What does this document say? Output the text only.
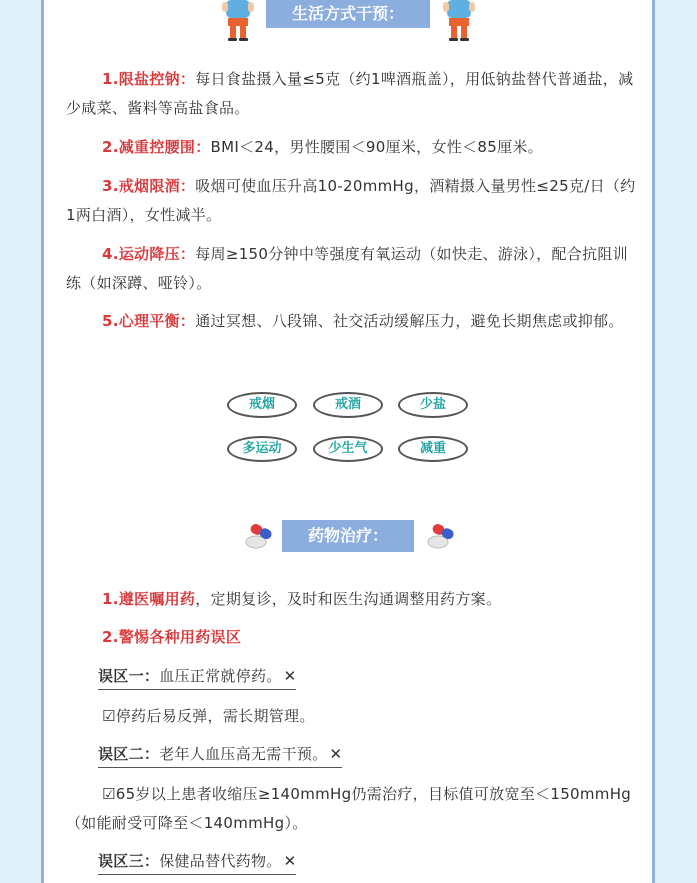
生活方式干预：

1.限盐控钠：每日食盐摄入量≤5克（约1啤酒瓶盖），用低钠盐替代普通盐，减少咸菜、酱料等高盐食品。

2.减重控腰围：BMI＜24，男性腰围＜90厘米，女性＜85厘米。

3.戒烟限酒：吸烟可使血压升高10-20mmHg，酒精摄入量男性≤25克/日（约1两白酒），女性减半。

4.运动降压：每周≥150分钟中等强度有氧运动（如快走、游泳），配合抗阻训练（如深蹲、哑铃）。

5.心理平衡：通过冥想、八段锦、社交活动缓解压力，避免长期焦虑或抑郁。

戒烟	戒酒	少盐
多运动	少生气	减重
药物治疗：

1.遵医嘱用药，定期复诊，及时和医生沟通调整用药方案。

2.警惕各种用药误区

误区一：血压正常就停药。 ✕

☑停药后易反弹，需长期管理。

误区二：老年人血压高无需干预。 ✕

☑65岁以上患者收缩压≥140mmHg仍需治疗，目标值可放宽至＜150mmHg（如能耐受可降至＜140mmHg）。

误区三：保健品替代药物。 ✕
